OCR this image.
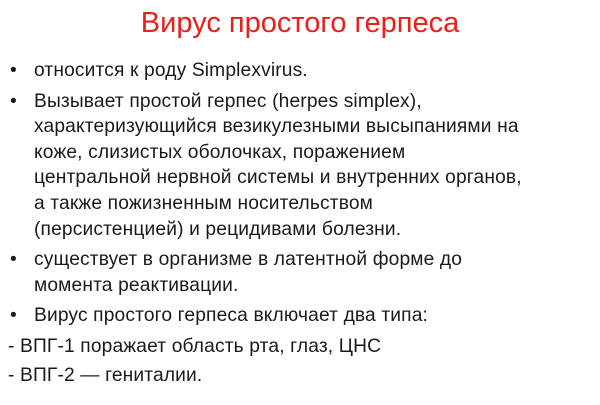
Вирус простого герпеса
• относится к роду Simplexvirus.
• Вызывает простой герпес (herpes simplex),
характеризующийся везикулезными высыпаниями на
коже, слизистых оболочках, поражением
центральной нервной системы и внутренних органов,
а также пожизненным носительством
(персистенцией) и рецидивами болезни.
• существует в организме в латентной форме до
момента реактивации.
• Вирус простого герпеса включает два типа:
- ВПГ-1 поражает область рта, глаз, ЦНС
- ВПГ-2 — гениталии.
